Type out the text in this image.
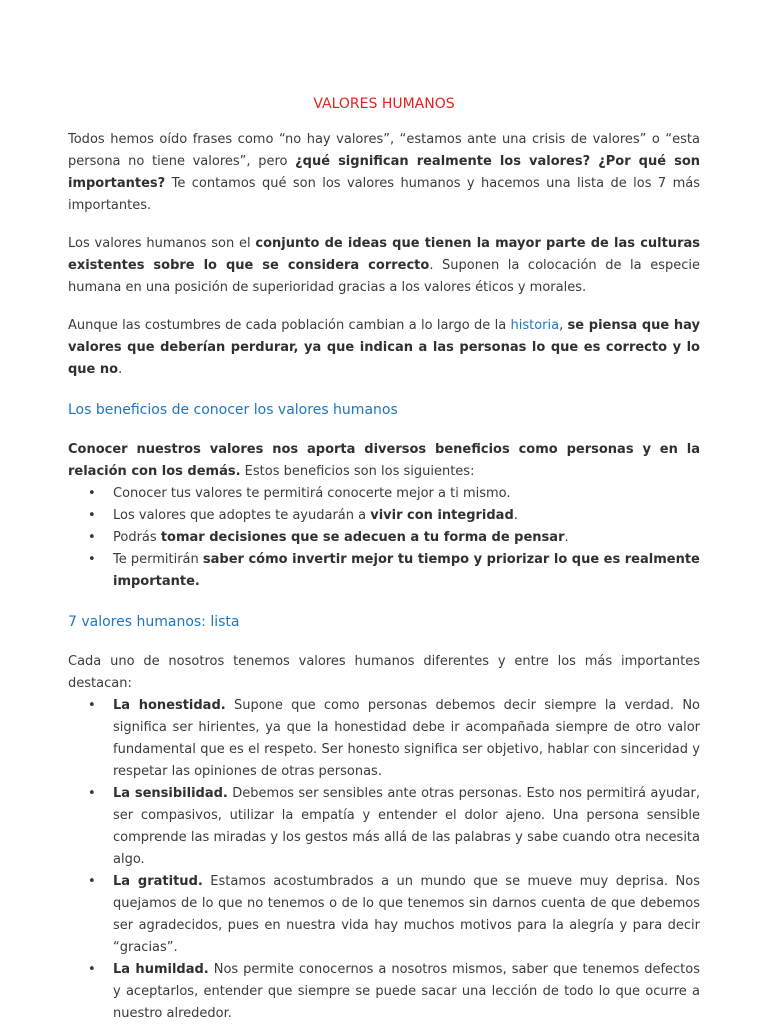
VALORES HUMANOS

Todos hemos oído frases como “no hay valores”, “estamos ante una crisis de valores” o “esta persona no tiene valores”, pero ¿qué significan realmente los valores? ¿Por qué son importantes? Te contamos qué son los valores humanos y hacemos una lista de los 7 más importantes.

Los valores humanos son el conjunto de ideas que tienen la mayor parte de las culturas existentes sobre lo que se considera correcto. Suponen la colocación de la especie humana en una posición de superioridad gracias a los valores éticos y morales.

Aunque las costumbres de cada población cambian a lo largo de la historia, se piensa que hay valores que deberían perdurar, ya que indican a las personas lo que es correcto y lo que no.

Los beneficios de conocer los valores humanos

Conocer nuestros valores nos aporta diversos beneficios como personas y en la relación con los demás. Estos beneficios son los siguientes:

• Conocer tus valores te permitirá conocerte mejor a ti mismo.
• Los valores que adoptes te ayudarán a vivir con integridad.
• Podrás tomar decisiones que se adecuen a tu forma de pensar.
• Te permitirán saber cómo invertir mejor tu tiempo y priorizar lo que es realmente importante.
7 valores humanos: lista

Cada uno de nosotros tenemos valores humanos diferentes y entre los más importantes destacan:

• La honestidad. Supone que como personas debemos decir siempre la verdad. No significa ser hirientes, ya que la honestidad debe ir acompañada siempre de otro valor fundamental que es el respeto. Ser honesto significa ser objetivo, hablar con sinceridad y respetar las opiniones de otras personas.
• La sensibilidad. Debemos ser sensibles ante otras personas. Esto nos permitirá ayudar, ser compasivos, utilizar la empatía y entender el dolor ajeno. Una persona sensible comprende las miradas y los gestos más allá de las palabras y sabe cuando otra necesita algo.
• La gratitud. Estamos acostumbrados a un mundo que se mueve muy deprisa. Nos quejamos de lo que no tenemos o de lo que tenemos sin darnos cuenta de que debemos ser agradecidos, pues en nuestra vida hay muchos motivos para la alegría y para decir “gracias”.
• La humildad. Nos permite conocernos a nosotros mismos, saber que tenemos defectos y aceptarlos, entender que siempre se puede sacar una lección de todo lo que ocurre a nuestro alrededor.
